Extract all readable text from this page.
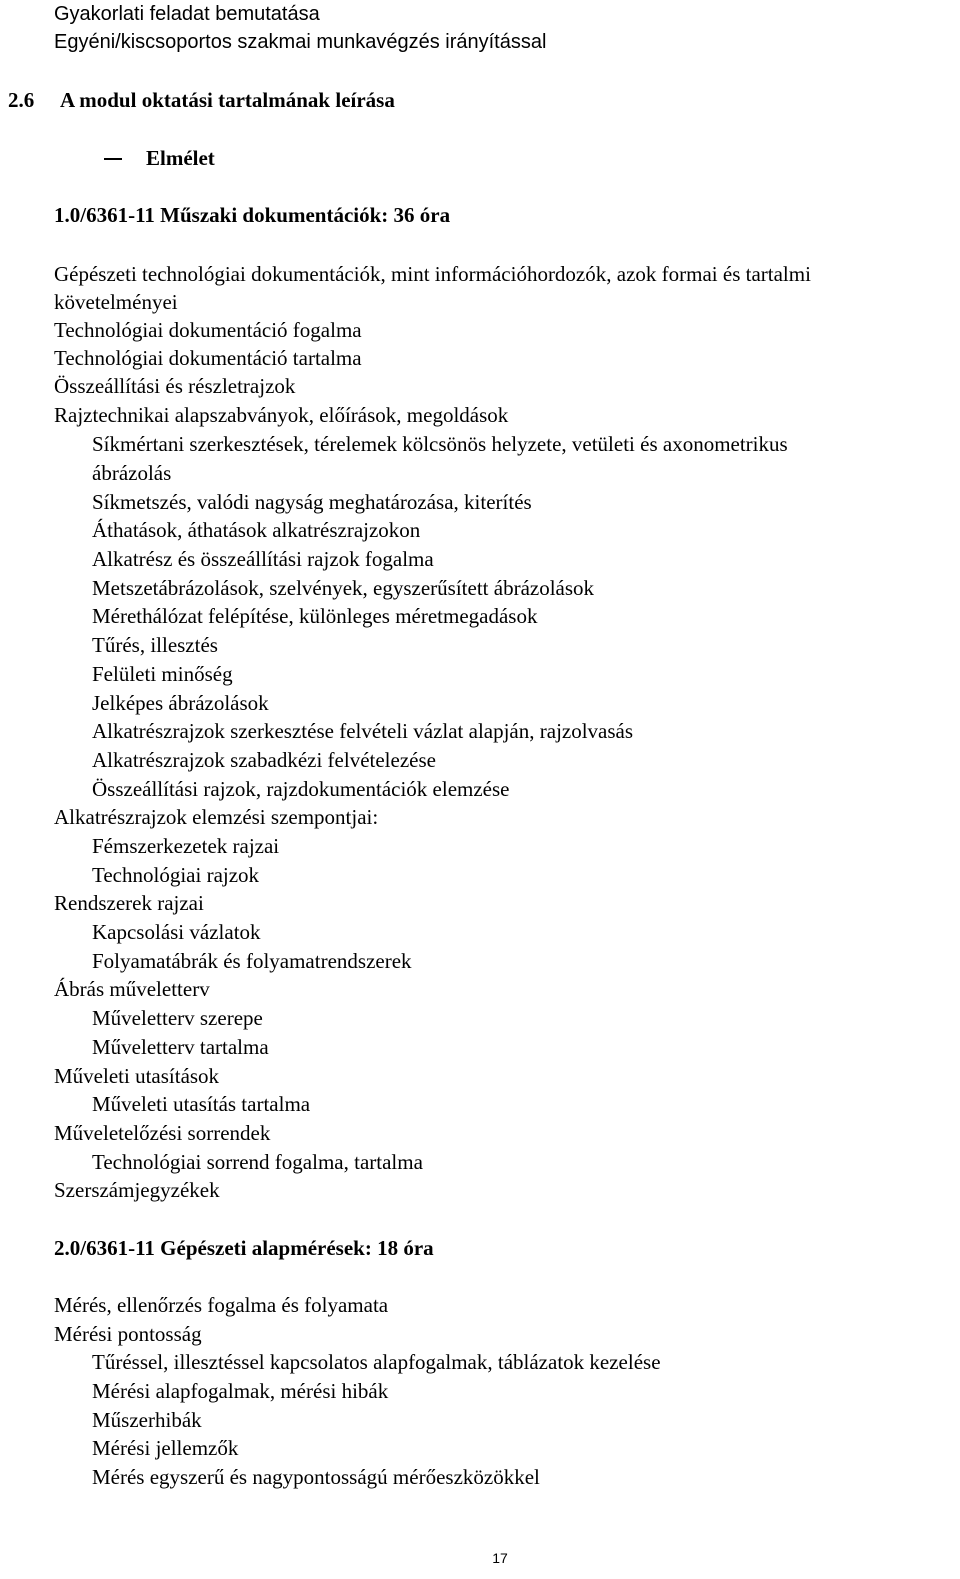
Gyakorlati feladat bemutatása
Egyéni/kiscsoportos szakmai munkavégzés irányítással
2.6 A modul oktatási tartalmának leírása
Elmélet
1.0/6361-11 Műszaki dokumentációk: 36 óra
Gépészeti technológiai dokumentációk, mint információhordozók, azok formai és tartalmi
követelményei
Technológiai dokumentáció fogalma
Technológiai dokumentáció tartalma
Összeállítási és részletrajzok
Rajztechnikai alapszabványok, előírások, megoldások
Síkmértani szerkesztések, térelemek kölcsönös helyzete, vetületi és axonometrikus
ábrázolás
Síkmetszés, valódi nagyság meghatározása, kiterítés
Áthatások, áthatások alkatrészrajzokon
Alkatrész és összeállítási rajzok fogalma
Metszetábrázolások, szelvények, egyszerűsített ábrázolások
Mérethálózat felépítése, különleges méretmegadások
Tűrés, illesztés
Felületi minőség
Jelképes ábrázolások
Alkatrészrajzok szerkesztése felvételi vázlat alapján, rajzolvasás
Alkatrészrajzok szabadkézi felvételezése
Összeállítási rajzok, rajzdokumentációk elemzése
Alkatrészrajzok elemzési szempontjai:
Fémszerkezetek rajzai
Technológiai rajzok
Rendszerek rajzai
Kapcsolási vázlatok
Folyamatábrák és folyamatrendszerek
Ábrás műveletterv
Műveletterv szerepe
Műveletterv tartalma
Műveleti utasítások
Műveleti utasítás tartalma
Műveletelőzési sorrendek
Technológiai sorrend fogalma, tartalma
Szerszámjegyzékek
2.0/6361-11 Gépészeti alapmérések: 18 óra
Mérés, ellenőrzés fogalma és folyamata
Mérési pontosság
Tűréssel, illesztéssel kapcsolatos alapfogalmak, táblázatok kezelése
Mérési alapfogalmak, mérési hibák
Műszerhibák
Mérési jellemzők
Mérés egyszerű és nagypontosságú mérőeszközökkel
17
